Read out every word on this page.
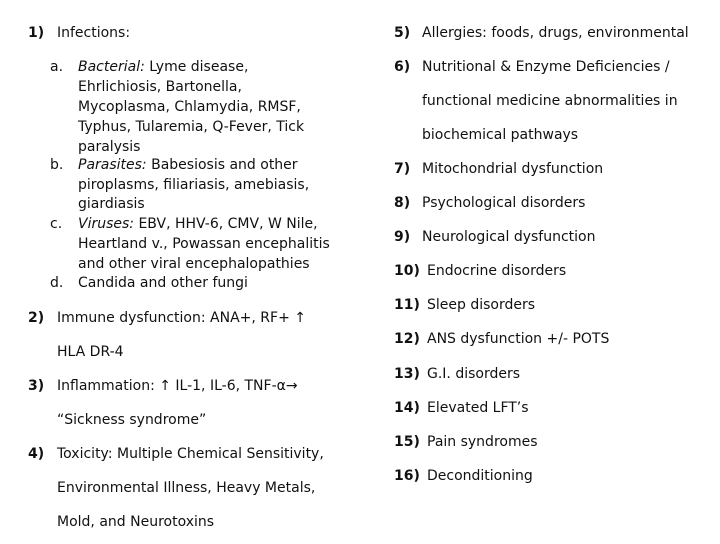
1) Infections:
a. Bacterial: Lyme disease,
Ehrlichiosis, Bartonella,
Mycoplasma, Chlamydia, RMSF,
Typhus, Tularemia, Q-Fever, Tick
paralysis
b. Parasites: Babesiosis and other
piroplasms, filiariasis, amebiasis,
giardiasis
c. Viruses: EBV, HHV-6, CMV, W Nile,
Heartland v., Powassan encephalitis
and other viral encephalopathies
d. Candida and other fungi
2) Immune dysfunction: ANA+, RF+ ↑
HLA DR-4
3) Inflammation: ↑ IL-1, IL-6, TNF-α→
“Sickness syndrome”
4) Toxicity: Multiple Chemical Sensitivity,
Environmental Illness, Heavy Metals,
Mold, and Neurotoxins
5) Allergies: foods, drugs, environmental
6) Nutritional & Enzyme Deficiencies /
functional medicine abnormalities in
biochemical pathways
7) Mitochondrial dysfunction
8) Psychological disorders
9) Neurological dysfunction
10) Endocrine disorders
11) Sleep disorders
12) ANS dysfunction +/- POTS
13) G.I. disorders
14) Elevated LFT’s
15) Pain syndromes
16) Deconditioning
